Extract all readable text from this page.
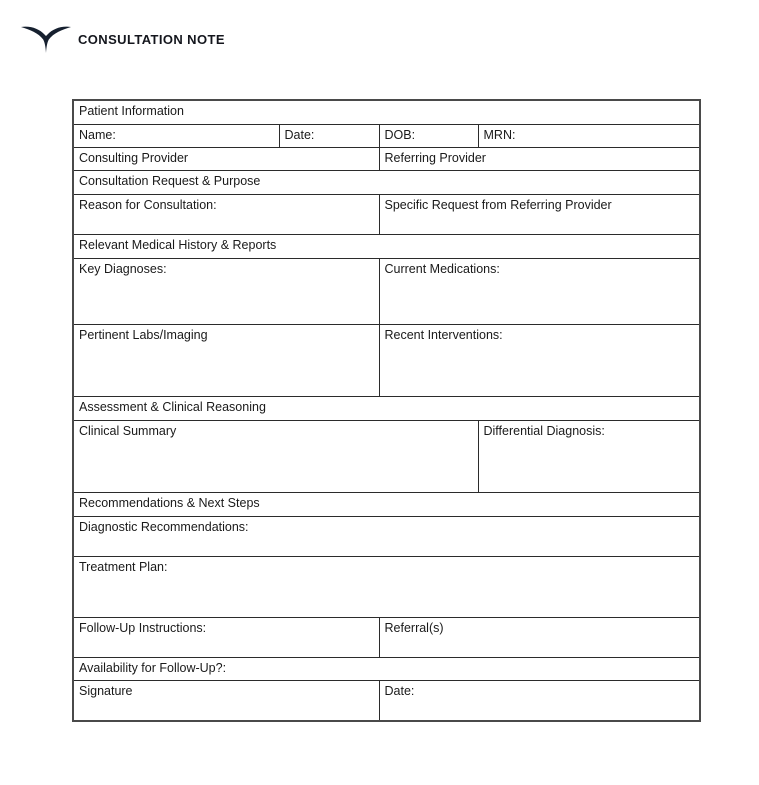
CONSULTATION NOTE
Patient Information			
Name:	Date:	DOB:	MRN:
Consulting Provider		Referring Provider	
Consultation Request & Purpose			
Reason for Consultation:		Specific Request from Referring Provider	
Relevant Medical History & Reports			
Key Diagnoses:		Current Medications:	
Pertinent Labs/Imaging		Recent Interventions:	
Assessment & Clinical Reasoning			
Clinical Summary			Differential Diagnosis:
Recommendations & Next Steps			
Diagnostic Recommendations:			
Treatment Plan:			
Follow-Up Instructions:		Referral(s)	
Availability for Follow-Up?:			
Signature		Date:	
